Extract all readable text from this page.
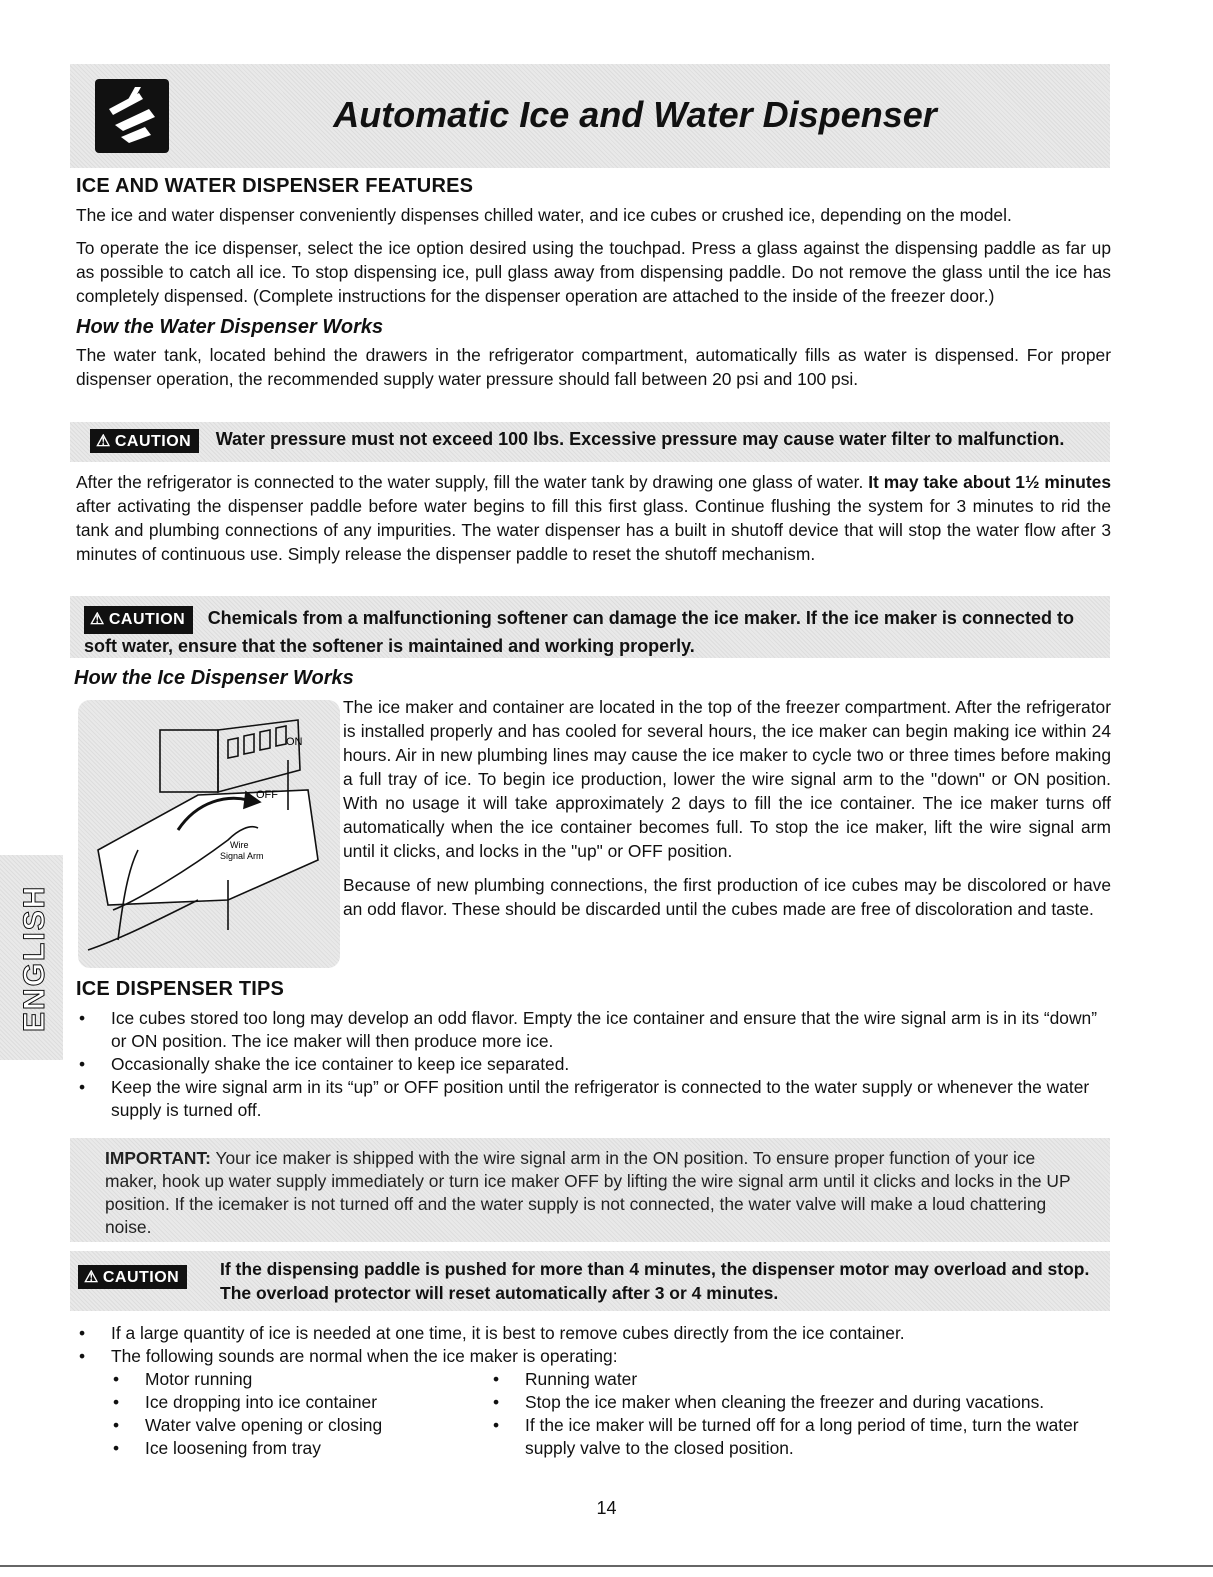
Automatic Ice and Water Dispenser
ICE AND WATER DISPENSER FEATURES

The ice and water dispenser conveniently dispenses chilled water, and ice cubes or crushed ice, depending on the model.

To operate the ice dispenser, select the ice option desired using the touchpad. Press a glass against the dispensing paddle as far up as possible to catch all ice. To stop dispensing ice, pull glass away from dispensing paddle. Do not remove the glass until the ice has completely dispensed. (Complete instructions for the dispenser operation are attached to the inside of the freezer door.)

How the Water Dispenser Works

The water tank, located behind the drawers in the refrigerator compartment, automatically fills as water is dispensed. For proper dispenser operation, the recommended supply water pressure should fall between 20 psi and 100 psi.

⚠ CAUTION Water pressure must not exceed 100 lbs. Excessive pressure may cause water filter to malfunction.

After the refrigerator is connected to the water supply, fill the water tank by drawing one glass of water. It may take about 1½ minutes after activating the dispenser paddle before water begins to fill this first glass. Continue flushing the system for 3 minutes to rid the tank and plumbing connections of any impurities. The water dispenser has a built in shutoff device that will stop the water flow after 3 minutes of continuous use. Simply release the dispenser paddle to reset the shutoff mechanism.

⚠ CAUTION Chemicals from a malfunctioning softener can damage the ice maker. If the ice maker is connected to soft water, ensure that the softener is maintained and working properly.
How the Ice Dispenser Works
ON
OFF
Wire Signal Arm

The ice maker and container are located in the top of the freezer compartment. After the refrigerator is installed properly and has cooled for several hours, the ice maker can begin making ice within 24 hours. Air in new plumbing lines may cause the ice maker to cycle two or three times before making a full tray of ice. To begin ice production, lower the wire signal arm to the "down" or ON position. With no usage it will take approximately 2 days to fill the ice container. The ice maker turns off automatically when the ice container becomes full. To stop the ice maker, lift the wire signal arm until it clicks, and locks in the "up" or OFF position.

Because of new plumbing connections, the first production of ice cubes may be discolored or have an odd flavor. These should be discarded until the cubes made are free of discoloration and taste.

ENGLISH ICE DISPENSER TIPS
• Ice cubes stored too long may develop an odd flavor. Empty the ice container and ensure that the wire signal arm is in its “down” or ON position. The ice maker will then produce more ice.
• Occasionally shake the ice container to keep ice separated.
• Keep the wire signal arm in its “up” or OFF position until the refrigerator is connected to the water supply or whenever the water supply is turned off.
IMPORTANT: Your ice maker is shipped with the wire signal arm in the ON position. To ensure proper function of your ice maker, hook up water supply immediately or turn ice maker OFF by lifting the wire signal arm until it clicks and locks in the UP position. If the icemaker is not turned off and the water supply is not connected, the water valve will make a loud chattering noise.
⚠ CAUTION	If the dispensing paddle is pushed for more than 4 minutes, the dispenser motor may overload and stop. The overload protector will reset automatically after 3 or 4 minutes.
• If a large quantity of ice is needed at one time, it is best to remove cubes directly from the ice container.
• The following sounds are normal when the ice maker is operating:
• Motor running
• Ice dropping into ice container
• Water valve opening or closing
• Ice loosening from tray
• Running water
• Stop the ice maker when cleaning the freezer and during vacations.
• If the ice maker will be turned off for a long period of time, turn the water supply valve to the closed position.
14
